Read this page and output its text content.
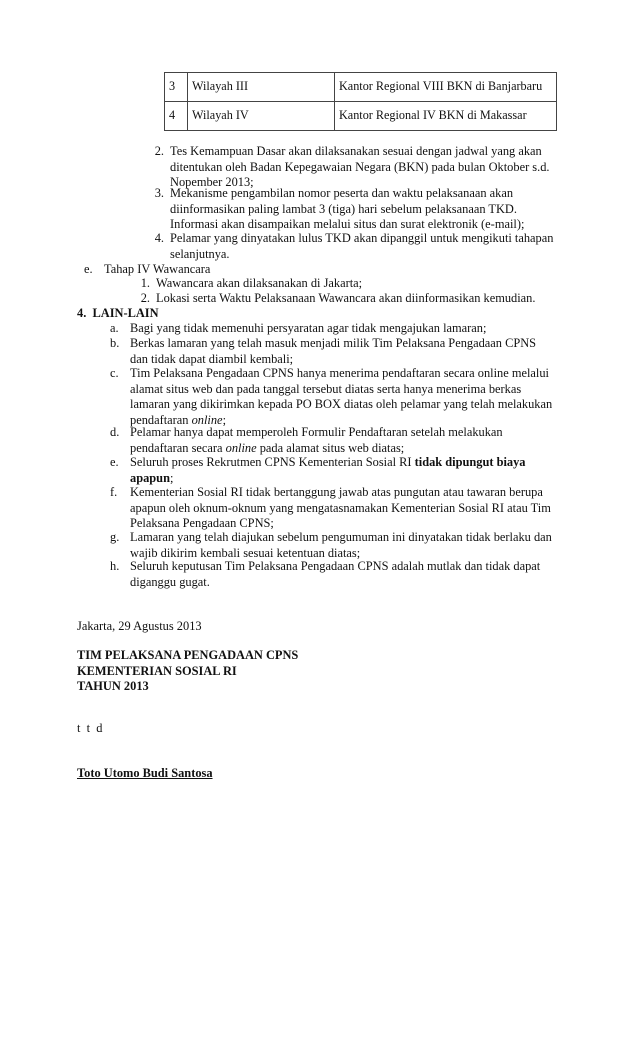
3	Wilayah III	Kantor Regional VIII BKN di Banjarbaru
4	Wilayah IV	Kantor Regional IV BKN di Makassar
2. Tes Kemampuan Dasar akan dilaksanakan sesuai dengan jadwal yang akan
ditentukan oleh Badan Kepegawaian Negara (BKN) pada bulan Oktober s.d.
Nopember 2013;
3. Mekanisme pengambilan nomor peserta dan waktu pelaksanaan akan
diinformasikan paling lambat 3 (tiga) hari sebelum pelaksanaan TKD.
Informasi akan disampaikan melalui situs dan surat elektronik (e-mail);
4. Pelamar yang dinyatakan lulus TKD akan dipanggil untuk mengikuti tahapan
selanjutnya.
e. Tahap IV Wawancara
1. Wawancara akan dilaksanakan di Jakarta;
2. Lokasi serta Waktu Pelaksanaan Wawancara akan diinformasikan kemudian.
4.  LAIN-LAIN
a. Bagi yang tidak memenuhi persyaratan agar tidak mengajukan lamaran;
b. Berkas lamaran yang telah masuk menjadi milik Tim Pelaksana Pengadaan CPNS
dan tidak dapat diambil kembali;
c. Tim Pelaksana Pengadaan CPNS hanya menerima pendaftaran secara online melalui
alamat situs web dan pada tanggal tersebut diatas serta hanya menerima berkas
lamaran yang dikirimkan kepada PO BOX diatas oleh pelamar yang telah melakukan
pendaftaran online;
d. Pelamar hanya dapat memperoleh Formulir Pendaftaran setelah melakukan
pendaftaran secara online pada alamat situs web diatas;
e. Seluruh proses Rekrutmen CPNS Kementerian Sosial RI tidak dipungut biaya
apapun;
f. Kementerian Sosial RI tidak bertanggung jawab atas pungutan atau tawaran berupa
apapun oleh oknum-oknum yang mengatasnamakan Kementerian Sosial RI atau Tim
Pelaksana Pengadaan CPNS;
g. Lamaran yang telah diajukan sebelum pengumuman ini dinyatakan tidak berlaku dan
wajib dikirim kembali sesuai ketentuan diatas;
h. Seluruh keputusan Tim Pelaksana Pengadaan CPNS adalah mutlak dan tidak dapat
diganggu gugat.
Jakarta, 29 Agustus 2013
TIM PELAKSANA PENGADAAN CPNS
KEMENTERIAN SOSIAL RI
TAHUN 2013
t  t  d
Toto Utomo Budi Santosa
